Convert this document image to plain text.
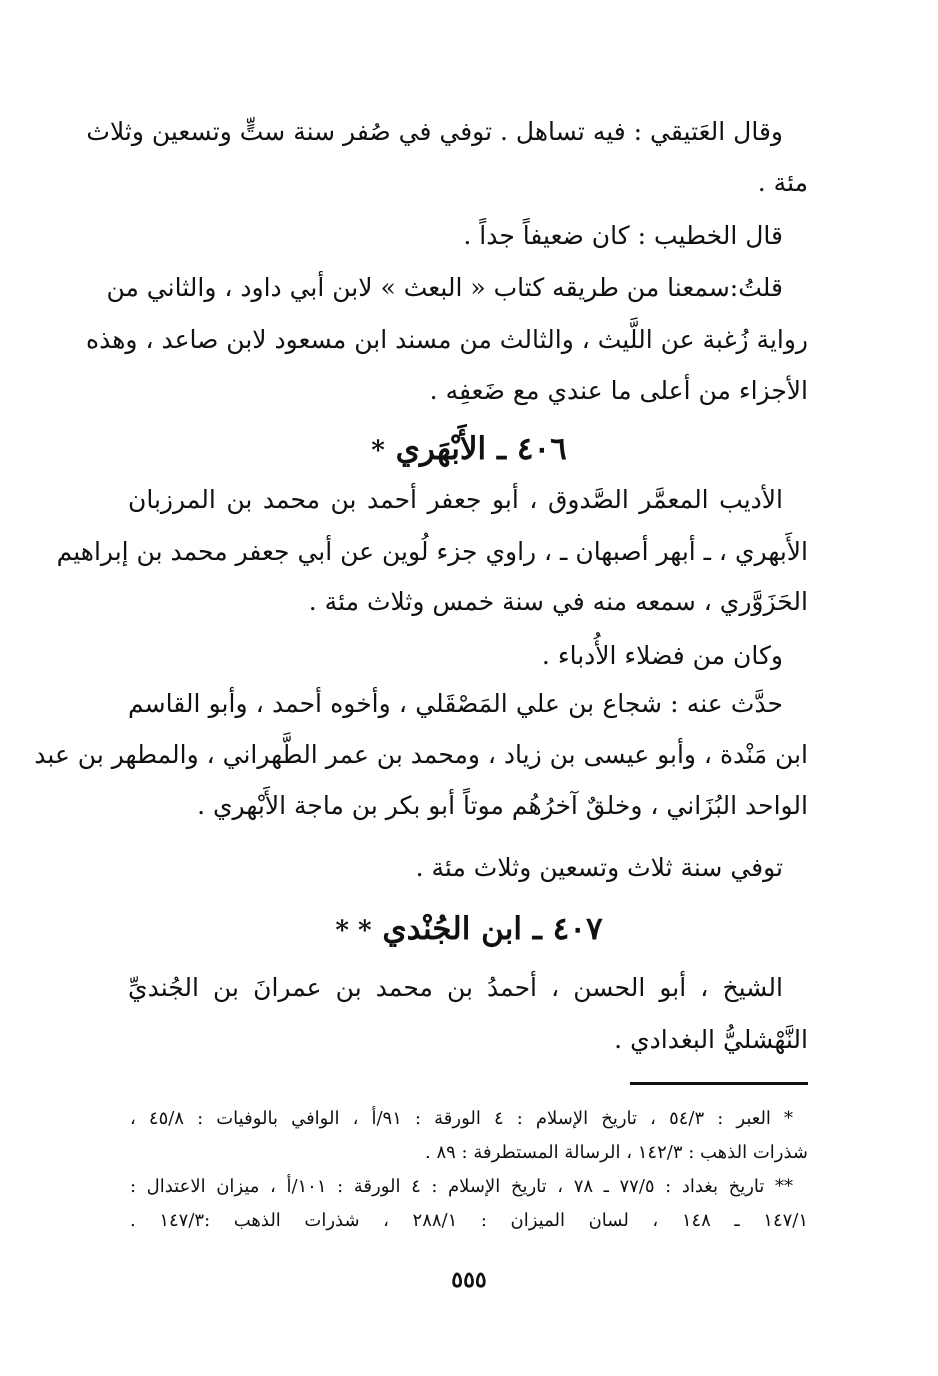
وقال العَتيقي : فيه تساهل . توفي في صُفر سنة ستٍّ وتسعين وثلاث
مئة .
قال الخطيب : كان ضعيفاً جداً .
قلتُ:سمعنا من طريقه كتاب « البعث » لابن أبي داود ، والثاني من
رواية زُغبة عن اللَّيث ، والثالث من مسند ابن مسعود لابن صاعد ، وهذه
الأجزاء من أعلى ما عندي مع ضَعفِه .
٤٠٦ ـ الأَبْهَري *
الأديب المعمَّر الصَّدوق ، أبو جعفر أحمد بن محمد بن المرزبان
الأَبهري ، ـ أبهر أصبهان ـ ، راوي جزء لُوين عن أبي جعفر محمد بن إبراهيم
الحَزَوَّري ، سمعه منه في سنة خمس وثلاث مئة .
وكان من فضلاء الأُدباء .
حدَّث عنه : شجاع بن علي المَصْقَلي ، وأخوه أحمد ، وأبو القاسم
ابن مَنْدة ، وأبو عيسى بن زياد ، ومحمد بن عمر الطَّهراني ، والمطهر بن عبد
الواحد البُزَاني ، وخلقٌ آخرُهُم موتاً أبو بكر بن ماجة الأَبْهري .
توفي سنة ثلاث وتسعين وثلاث مئة .
٤٠٧ ـ ابن الجُنْدي * *
الشيخ ، أبو الحسن ، أحمدُ بن محمد بن عمرانَ بن الجُنديِّ
النَّهْشليُّ البغدادي .
* العبر : ٥٤/٣ ، تاريخ الإسلام : ٤ الورقة : ٩١/أ ، الوافي بالوفيات : ٤٥/٨ ،
شذرات الذهب : ١٤٢/٣ ، الرسالة المستطرفة : ٨٩ .
** تاريخ بغداد : ٧٧/٥ ـ ٧٨ ، تاريخ الإسلام : ٤ الورقة : ١٠١/أ ، ميزان الاعتدال :
١٤٧/١ ـ ١٤٨ ، لسان الميزان : ٢٨٨/١ ، شذرات الذهب :١٤٧/٣ .
٥٥٥
